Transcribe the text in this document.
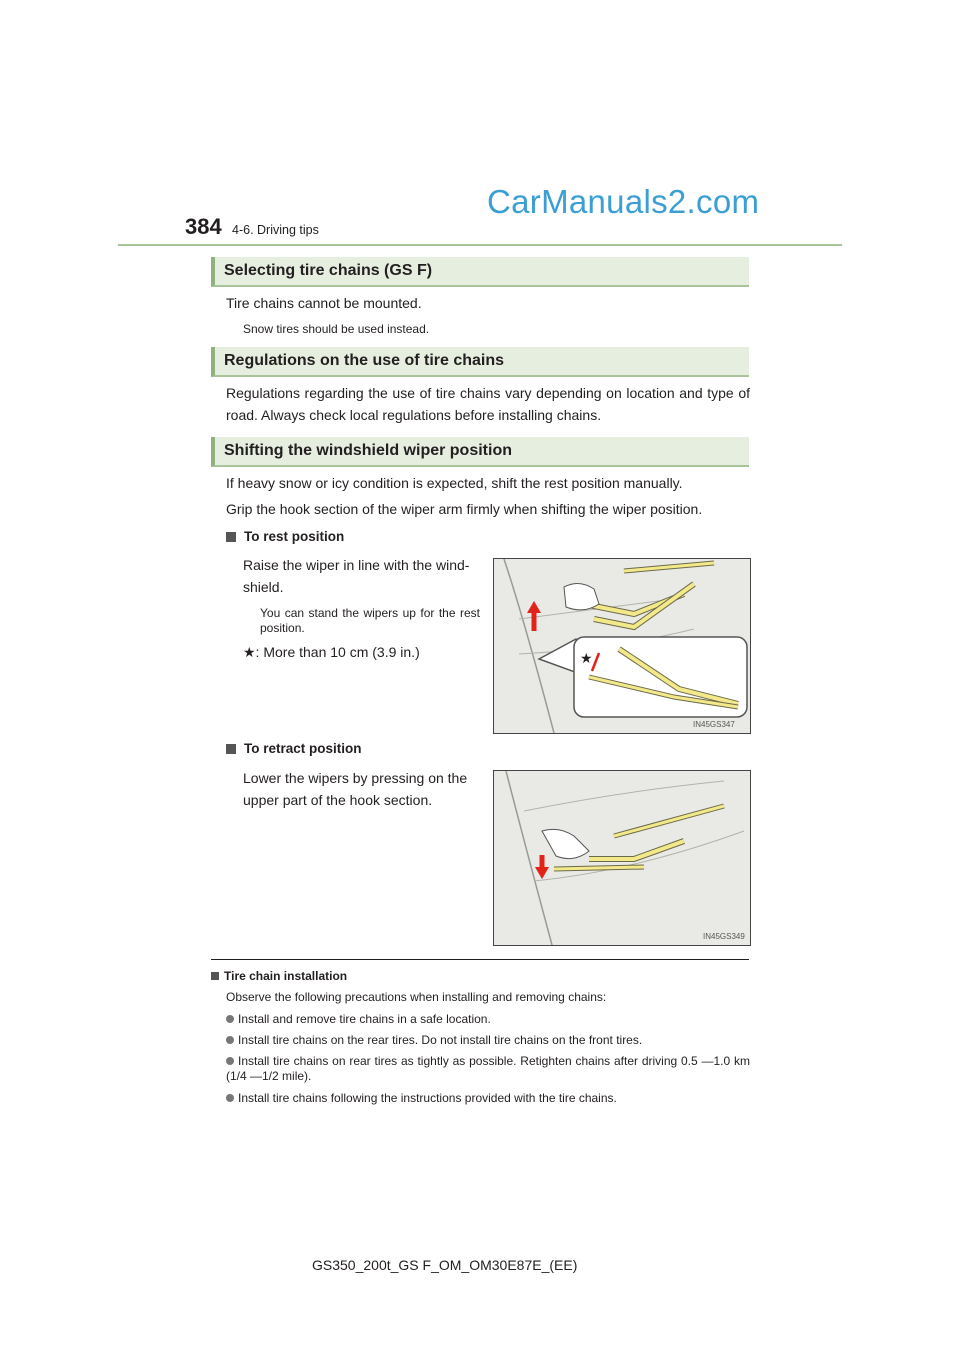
384 4-6. Driving tips
CarManuals2.com
Selecting tire chains (GS F)
Tire chains cannot be mounted.
Snow tires should be used instead.
Regulations on the use of tire chains
Regulations regarding the use of tire chains vary depending on location and type of road. Always check local regulations before installing chains.
Shifting the windshield wiper position
If heavy snow or icy condition is expected, shift the rest position manually.
Grip the hook section of the wiper arm firmly when shifting the wiper position.
To rest position
Raise the wiper in line with the wind-shield.
You can stand the wipers up for the rest position.
★: More than 10 cm (3.9 in.)	★
IN45GS347
To retract position
Lower the wipers by pressing on the upper part of the hook section.
IN45GS349
Tire chain installation
Observe the following precautions when installing and removing chains:
Install and remove tire chains in a safe location.
Install tire chains on the rear tires. Do not install tire chains on the front tires.
Install tire chains on rear tires as tightly as possible. Retighten chains after driving 0.5 —1.0 km (1/4 —1/2 mile).
Install tire chains following the instructions provided with the tire chains.
GS350_200t_GS F_OM_OM30E87E_(EE)
